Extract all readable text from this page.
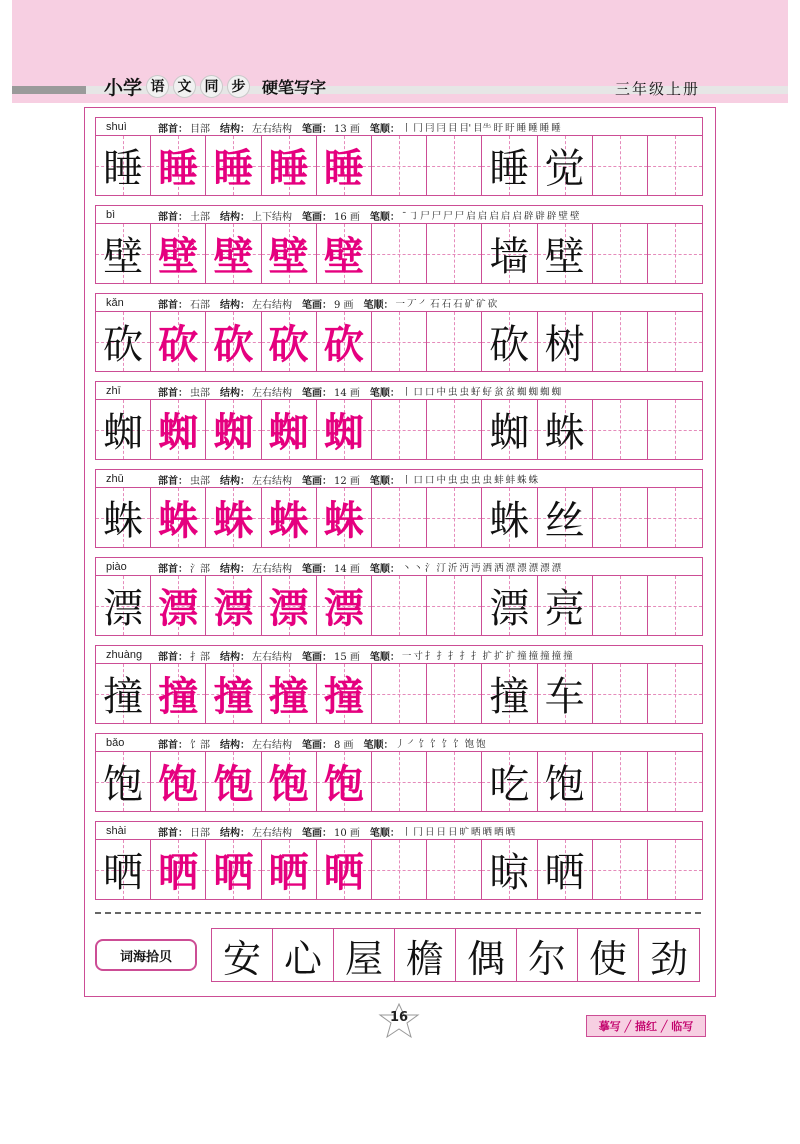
小学 语 文 同 步 硬笔写字	三年级上册
词海拾贝	安 心 屋 檐 偶 尔 使 劲
shuì	部首： 目部 结构： 左右结构 笔画： 13 画 笔顺： 丨 冂 冃 冃 目 目' 目⺧ 盱 盱 睡 睡 睡 睡
睡 睡 睡 睡 睡	睡 觉
bì	部首： 土部 结构： 上下结构 笔画： 16 画 笔顺： ˉ ㇆ 尸 尸 尸 尸 启 启 启 启 启 辟 辟 辟 壁 壁
壁 壁 壁 壁 壁	墙 壁
kǎn	部首： 石部 结构： 左右结构 笔画： 9 画 笔顺： 一 丆 ㇒ 石 石 石 矿 矿 砍
砍 砍 砍 砍 砍	砍 树
zhī	部首： 虫部 结构： 左右结构 笔画： 14 画 笔顺： 丨 口 口 中 虫 虫 虸 虸 蚠 蚠 蜘 蜘 蜘 蜘
蜘 蜘 蜘 蜘 蜘	蜘 蛛
zhū	部首： 虫部 结构： 左右结构 笔画： 12 画 笔顺： 丨 口 口 中 虫 虫 虫 虫 蚌 蚌 蛛 蛛
蛛 蛛 蛛 蛛 蛛	蛛 丝
piào	部首： 氵部 结构： 左右结构 笔画： 14 画 笔顺： 丶 丶 氵 汀 沂 沔 沔 洒 洒 漂 漂 漂 漂 漂
漂 漂 漂 漂 漂	漂 亮
zhuàng	部首： 扌部 结构： 左右结构 笔画： 15 画 笔顺： 一 寸 扌 扌 扌 扌 扌 扩 扩 扩 撞 撞 撞 撞 撞
撞 撞 撞 撞 撞	撞 车
bǎo	部首： 饣部 结构： 左右结构 笔画： 8 画 笔顺： 丿 ㇒ 饣 饣 饣 饣 饱 饱
饱 饱 饱 饱 饱	吃 饱
shài	部首： 日部 结构： 左右结构 笔画： 10 画 笔顺： 丨 冂 日 日 日 旷 晒 晒 晒 晒
晒 晒 晒 晒 晒	晾 晒
16
摹写 ╱ 描红 ╱ 临写
